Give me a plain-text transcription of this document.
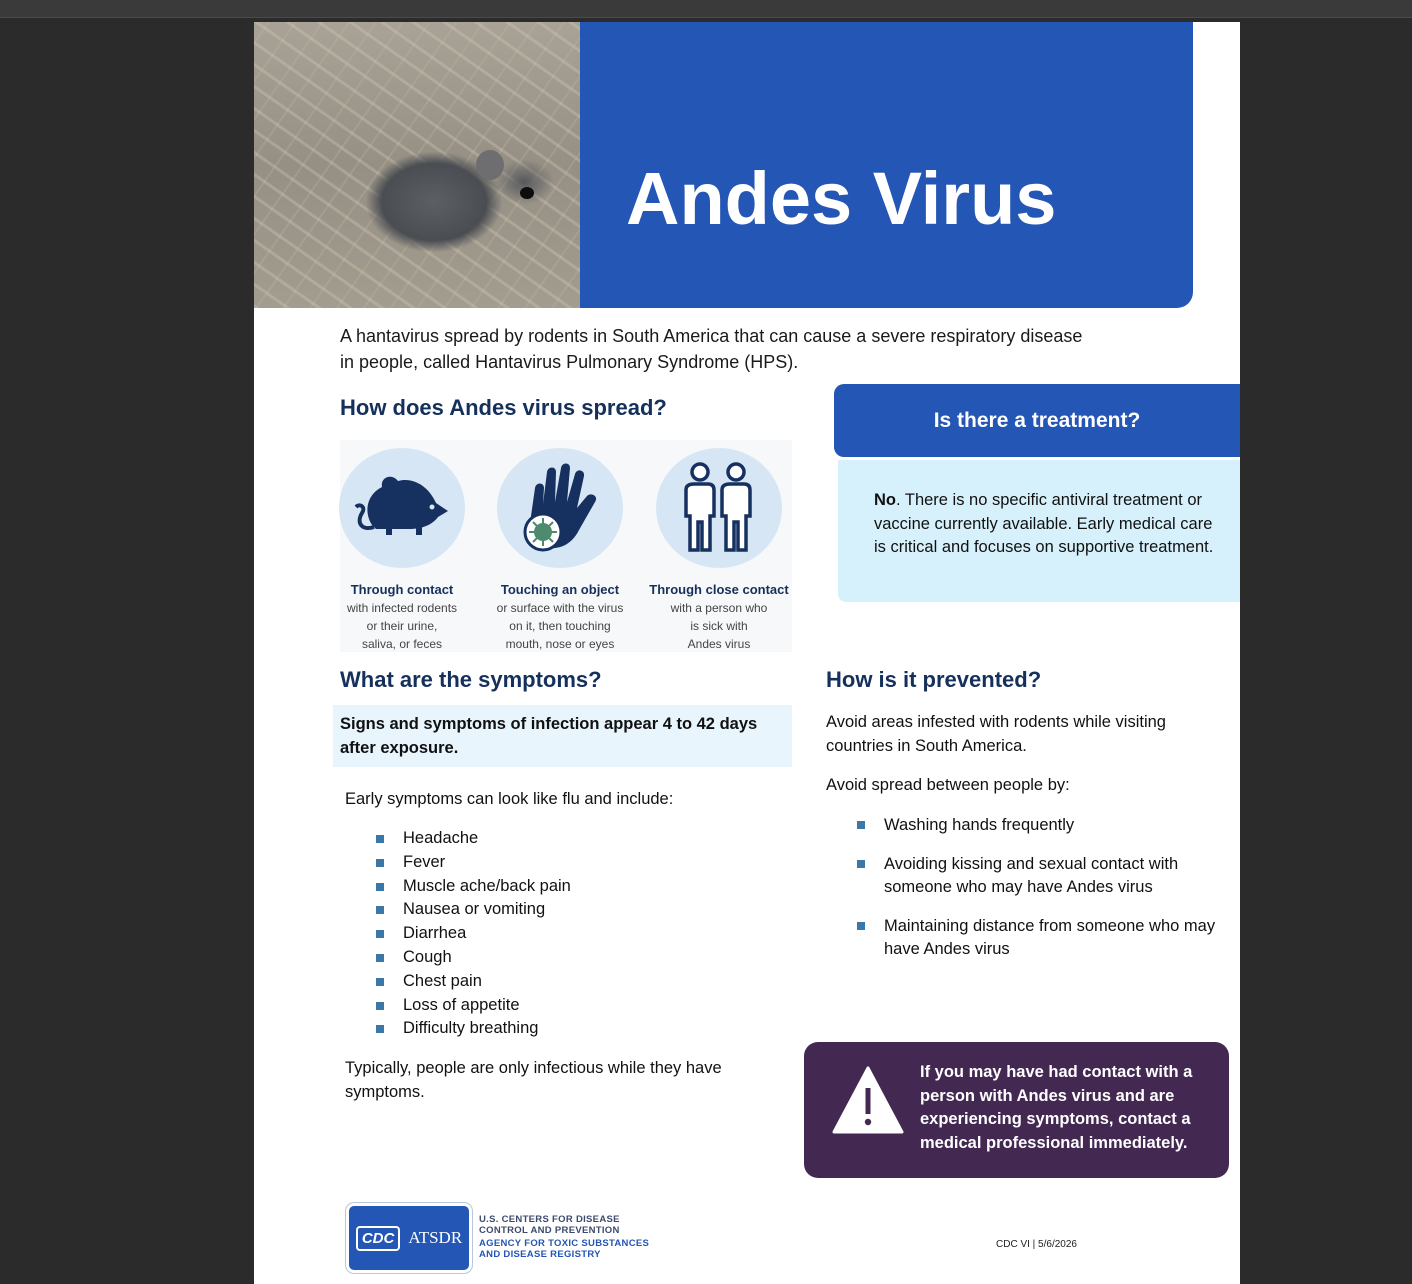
Andes Virus
A hantavirus spread by rodents in South America that can cause a severe respiratory disease
in people, called Hantavirus Pulmonary Syndrome (HPS).
How does Andes virus spread?
Through contact
with infected rodents
or their urine,
saliva, or feces
Touching an object
or surface with the virus
on it, then touching
mouth, nose or eyes
Through close contact
with a person who
is sick with
Andes virus
Is there a treatment?
No. There is no specific antiviral treatment or vaccine currently available. Early medical care is critical and focuses on supportive treatment.
What are the symptoms?
Signs and symptoms of infection appear 4 to 42 days after exposure.
Early symptoms can look like flu and include:
Headache
Fever
Muscle ache/back pain
Nausea or vomiting
Diarrhea
Cough
Chest pain
Loss of appetite
Difficulty breathing
Typically, people are only infectious while they have symptoms.
How is it prevented?
Avoid areas infested with rodents while visiting countries in South America.
Avoid spread between people by:
Washing hands frequently
Avoiding kissing and sexual contact with someone who may have Andes virus
Maintaining distance from someone who may have Andes virus
If you may have had contact with a person with Andes virus and are experiencing symptoms, contact a medical professional immediately.
CDC ATSDR
U.S. CENTERS FOR DISEASE
CONTROL AND PREVENTION
AGENCY FOR TOXIC SUBSTANCES
AND DISEASE REGISTRY
CDC VI | 5/6/2026
